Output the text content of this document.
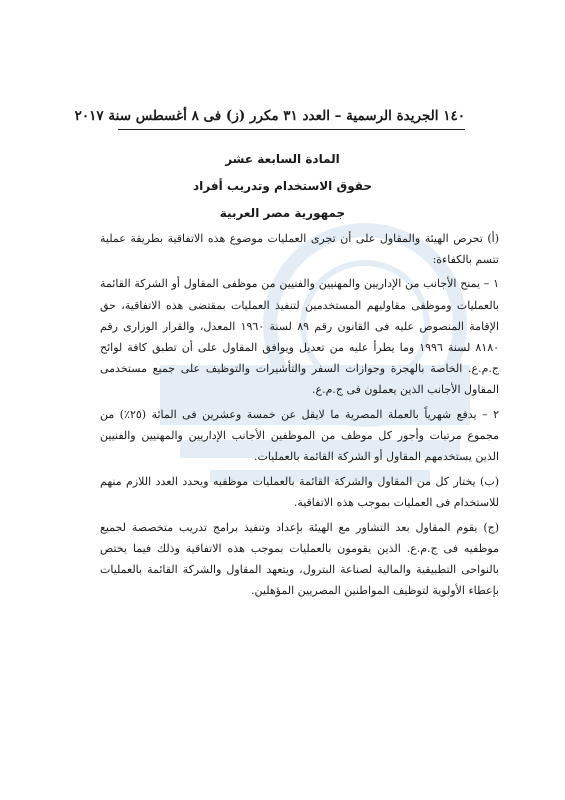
١٤٠ الجريدة الرسمية – العدد ٣١ مكرر (ز) فى ٨ أغسطس سنة ٢٠١٧
المادة السابعة عشر
حقوق الاستخدام وتدريب أفراد
جمهورية مصر العربية

(أ) تحرص الهيئة والمقاول على أن تجرى العمليات موضوع هذه الاتفاقية بطريقة عملية تتسم بالكفاءة:

١ – يمنح الأجانب من الإداريين والمهنيين والفنيين من موظفى المقاول أو الشركة القائمة بالعمليات وموظفى مقاوليهم المستخدمين لتنفيذ العمليات بمقتضى هذه الاتفاقية، حق الإقامة المنصوص عليه فى القانون رقم ٨٩ لسنة ١٩٦٠ المعدل، والقرار الوزارى رقم ٨١٨٠ لسنة ١٩٩٦ وما يطرأ عليه من تعديل ويوافق المقاول على أن تطبق كافة لوائح ج.م.ع. الخاصة بالهجرة وجوازات السفر والتأشيرات والتوظيف على جميع مستخدمى المقاول الأجانب الذين يعملون فى ج.م.ع.

٢ – يدفع شهرياً بالعملة المصرية ما لايقل عن خمسة وعشرين فى المائة (٢٥٪) من مجموع مرتبات وأجور كل موظف من الموظفين الأجانب الإداريين والمهنيين والفنيين الذين يستخدمهم المقاول أو الشركة القائمة بالعمليات.

(ب) يختار كل من المقاول والشركة القائمة بالعمليات موظفيه ويحدد العدد اللازم منهم للاستخدام فى العمليات بموجب هذه الاتفاقية.

(ج) يقوم المقاول بعد التشاور مع الهيئة بإعداد وتنفيذ برامج تدريب متخصصة لجميع موظفيه فى ج.م.ع. الذين يقومون بالعمليات بموجب هذه الاتفاقية وذلك فيما يختص بالنواحى التطبيقية والمالية لصناعة البترول، ويتعهد المقاول والشركة القائمة بالعمليات بإعطاء الأولوية لتوظيف المواطنين المصريين المؤهلين.
